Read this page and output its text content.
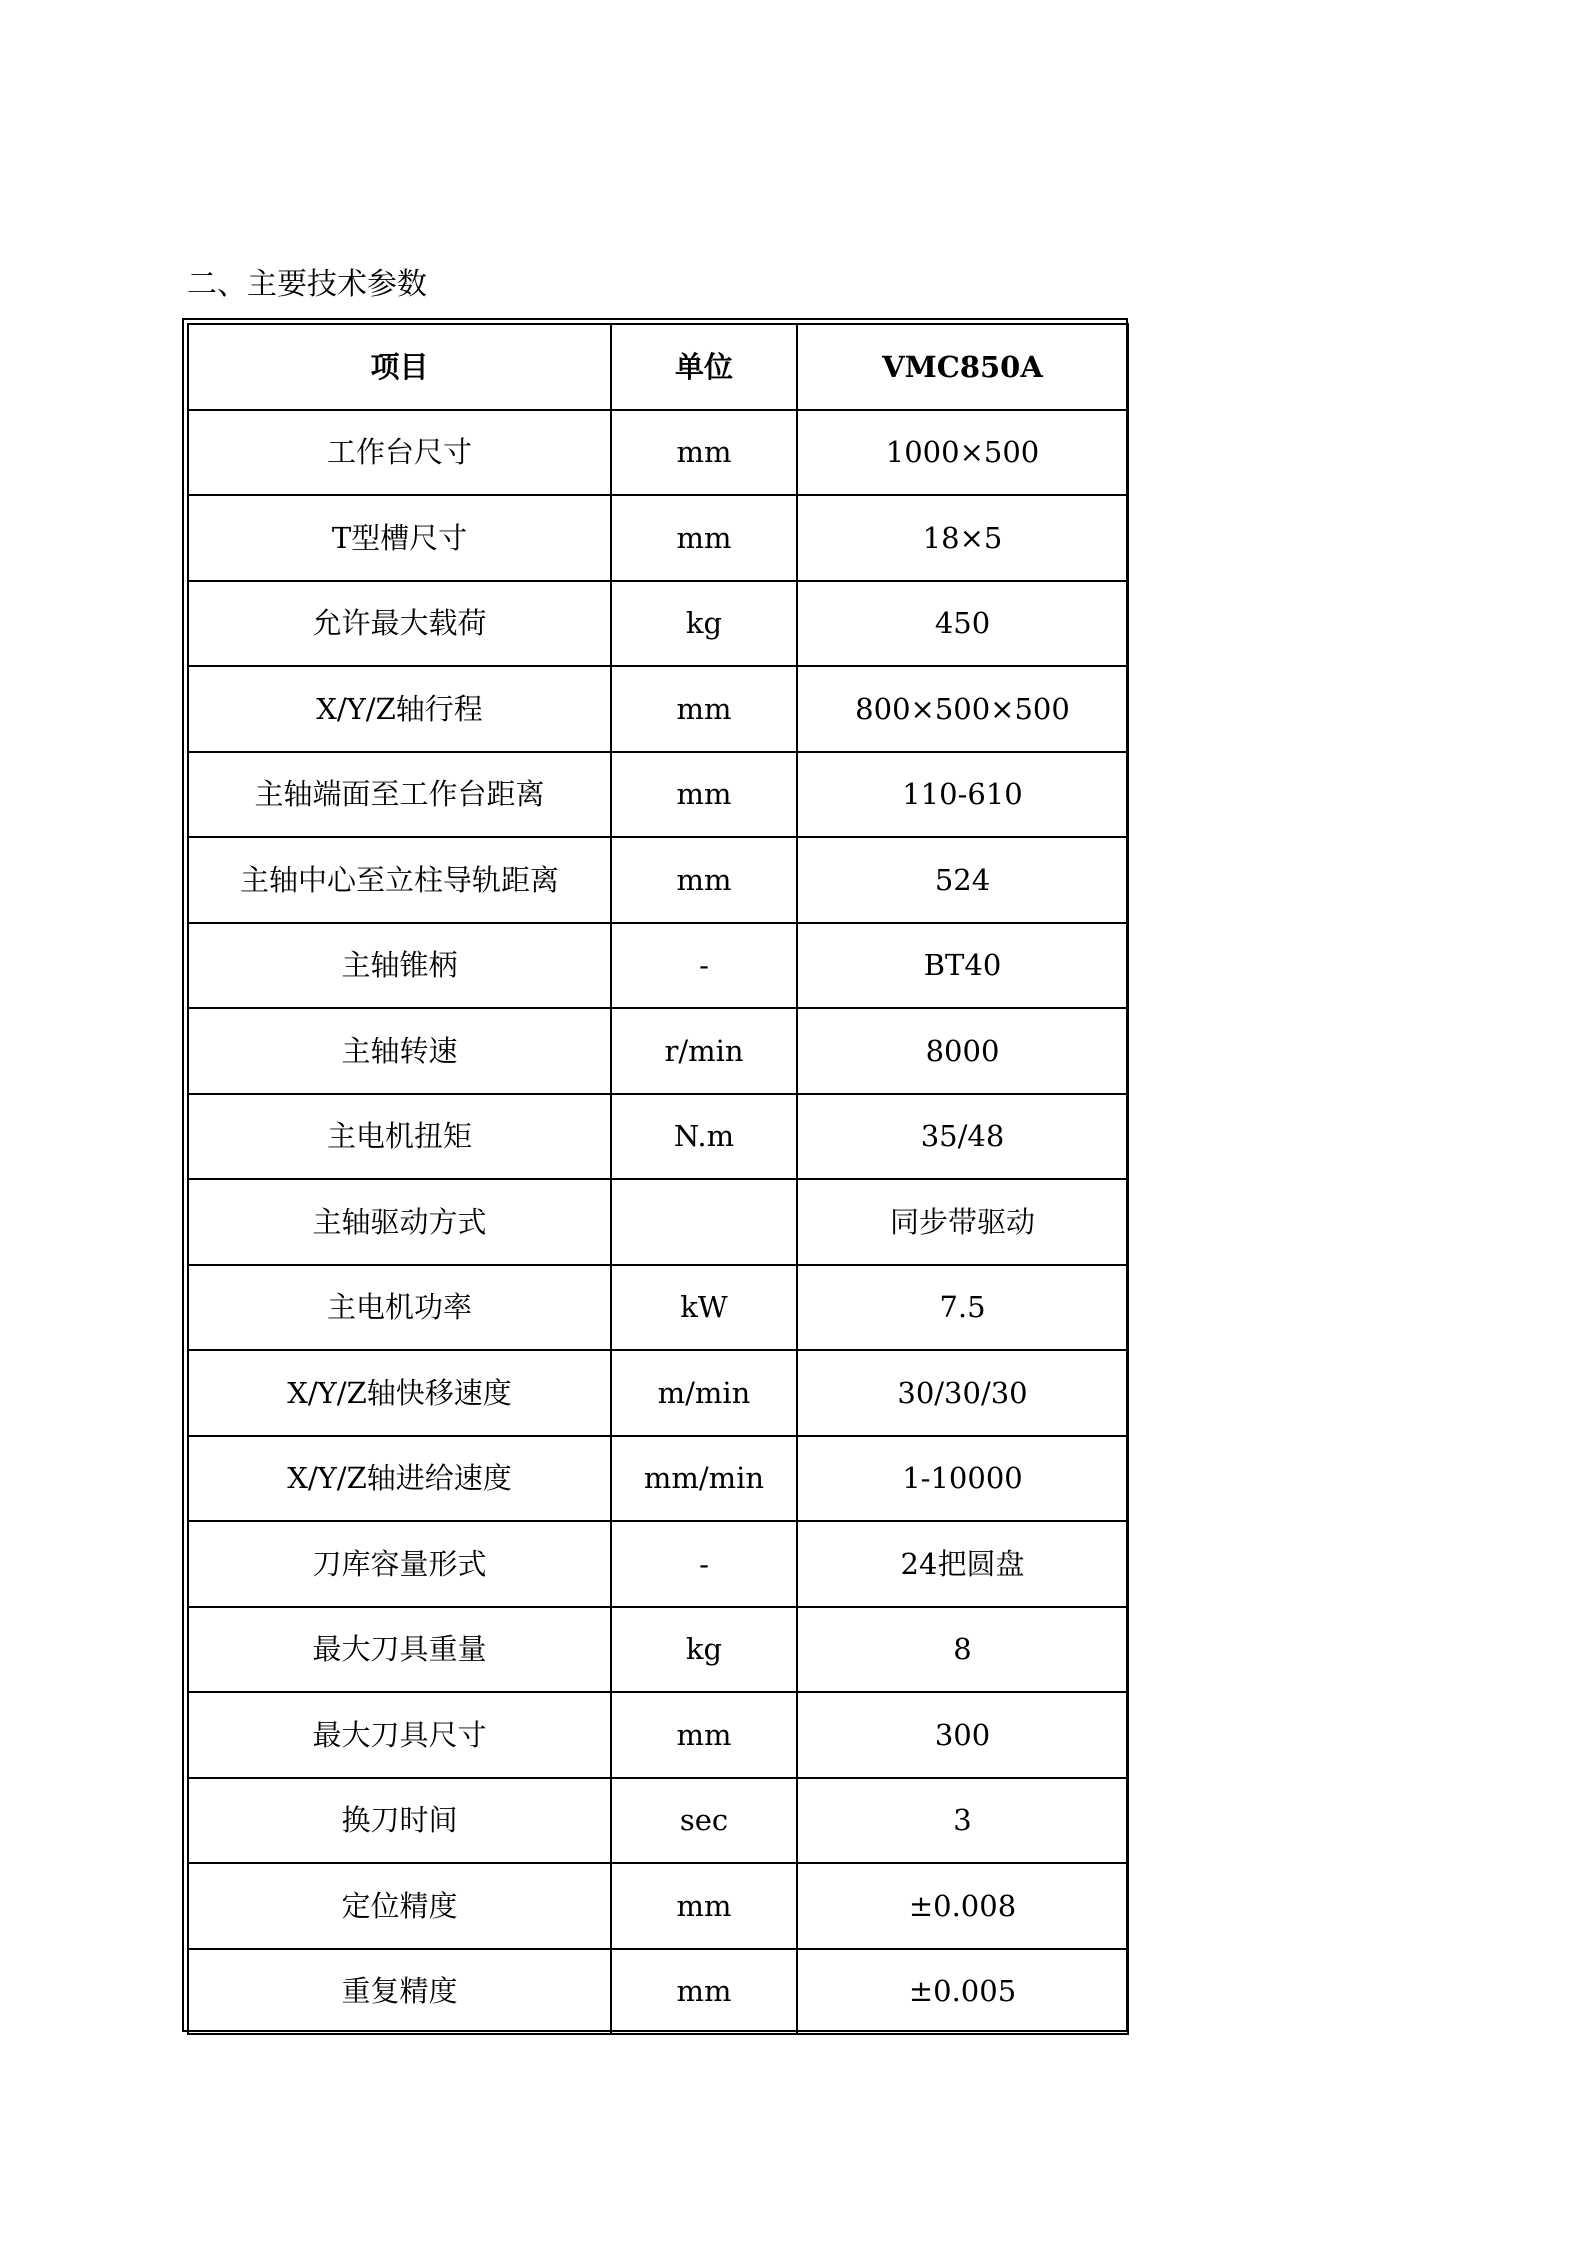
二、主要技术参数
项目	单位	VMC850A
工作台尺寸	mm	1000×500
T型槽尺寸	mm	18×5
允许最大载荷	kg	450
X/Y/Z轴行程	mm	800×500×500
主轴端面至工作台距离	mm	110-610
主轴中心至立柱导轨距离	mm	524
主轴锥柄	-	BT40
主轴转速	r/min	8000
主电机扭矩	N.m	35/48
主轴驱动方式		同步带驱动
主电机功率	kW	7.5
X/Y/Z轴快移速度	m/min	30/30/30
X/Y/Z轴进给速度	mm/min	1-10000
刀库容量形式	-	24把圆盘
最大刀具重量	kg	8
最大刀具尺寸	mm	300
换刀时间	sec	3
定位精度	mm	±0.008
重复精度	mm	±0.005
